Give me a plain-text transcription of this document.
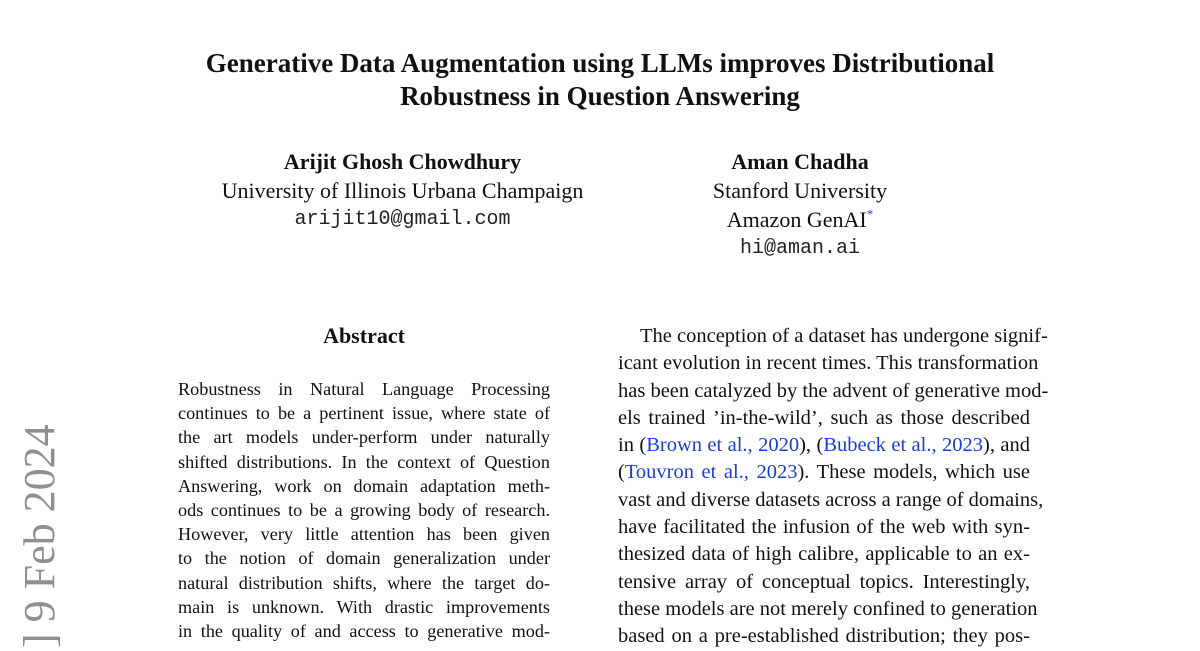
] 9 Feb 2024
Generative Data Augmentation using LLMs improves Distributional
Robustness in Question Answering
Arijit Ghosh Chowdhury
University of Illinois Urbana Champaign
arijit10@gmail.com
Aman Chadha
Stanford University
Amazon GenAI*
hi@aman.ai
Abstract
Robustness in Natural Language Processing
continues to be a pertinent issue, where state of
the art models under-perform under naturally
shifted distributions. In the context of Question
Answering, work on domain adaptation meth-
ods continues to be a growing body of research.
However, very little attention has been given
to the notion of domain generalization under
natural distribution shifts, where the target do-
main is unknown. With drastic improvements
in the quality of and access to generative mod-
The conception of a dataset has undergone signif-
icant evolution in recent times. This transformation
has been catalyzed by the advent of generative mod-
els trained ’in-the-wild’, such as those described
in (Brown et al., 2020), (Bubeck et al., 2023), and
(Touvron et al., 2023). These models, which use
vast and diverse datasets across a range of domains,
have facilitated the infusion of the web with syn-
thesized data of high calibre, applicable to an ex-
tensive array of conceptual topics. Interestingly,
these models are not merely confined to generation
based on a pre-established distribution; they pos-
